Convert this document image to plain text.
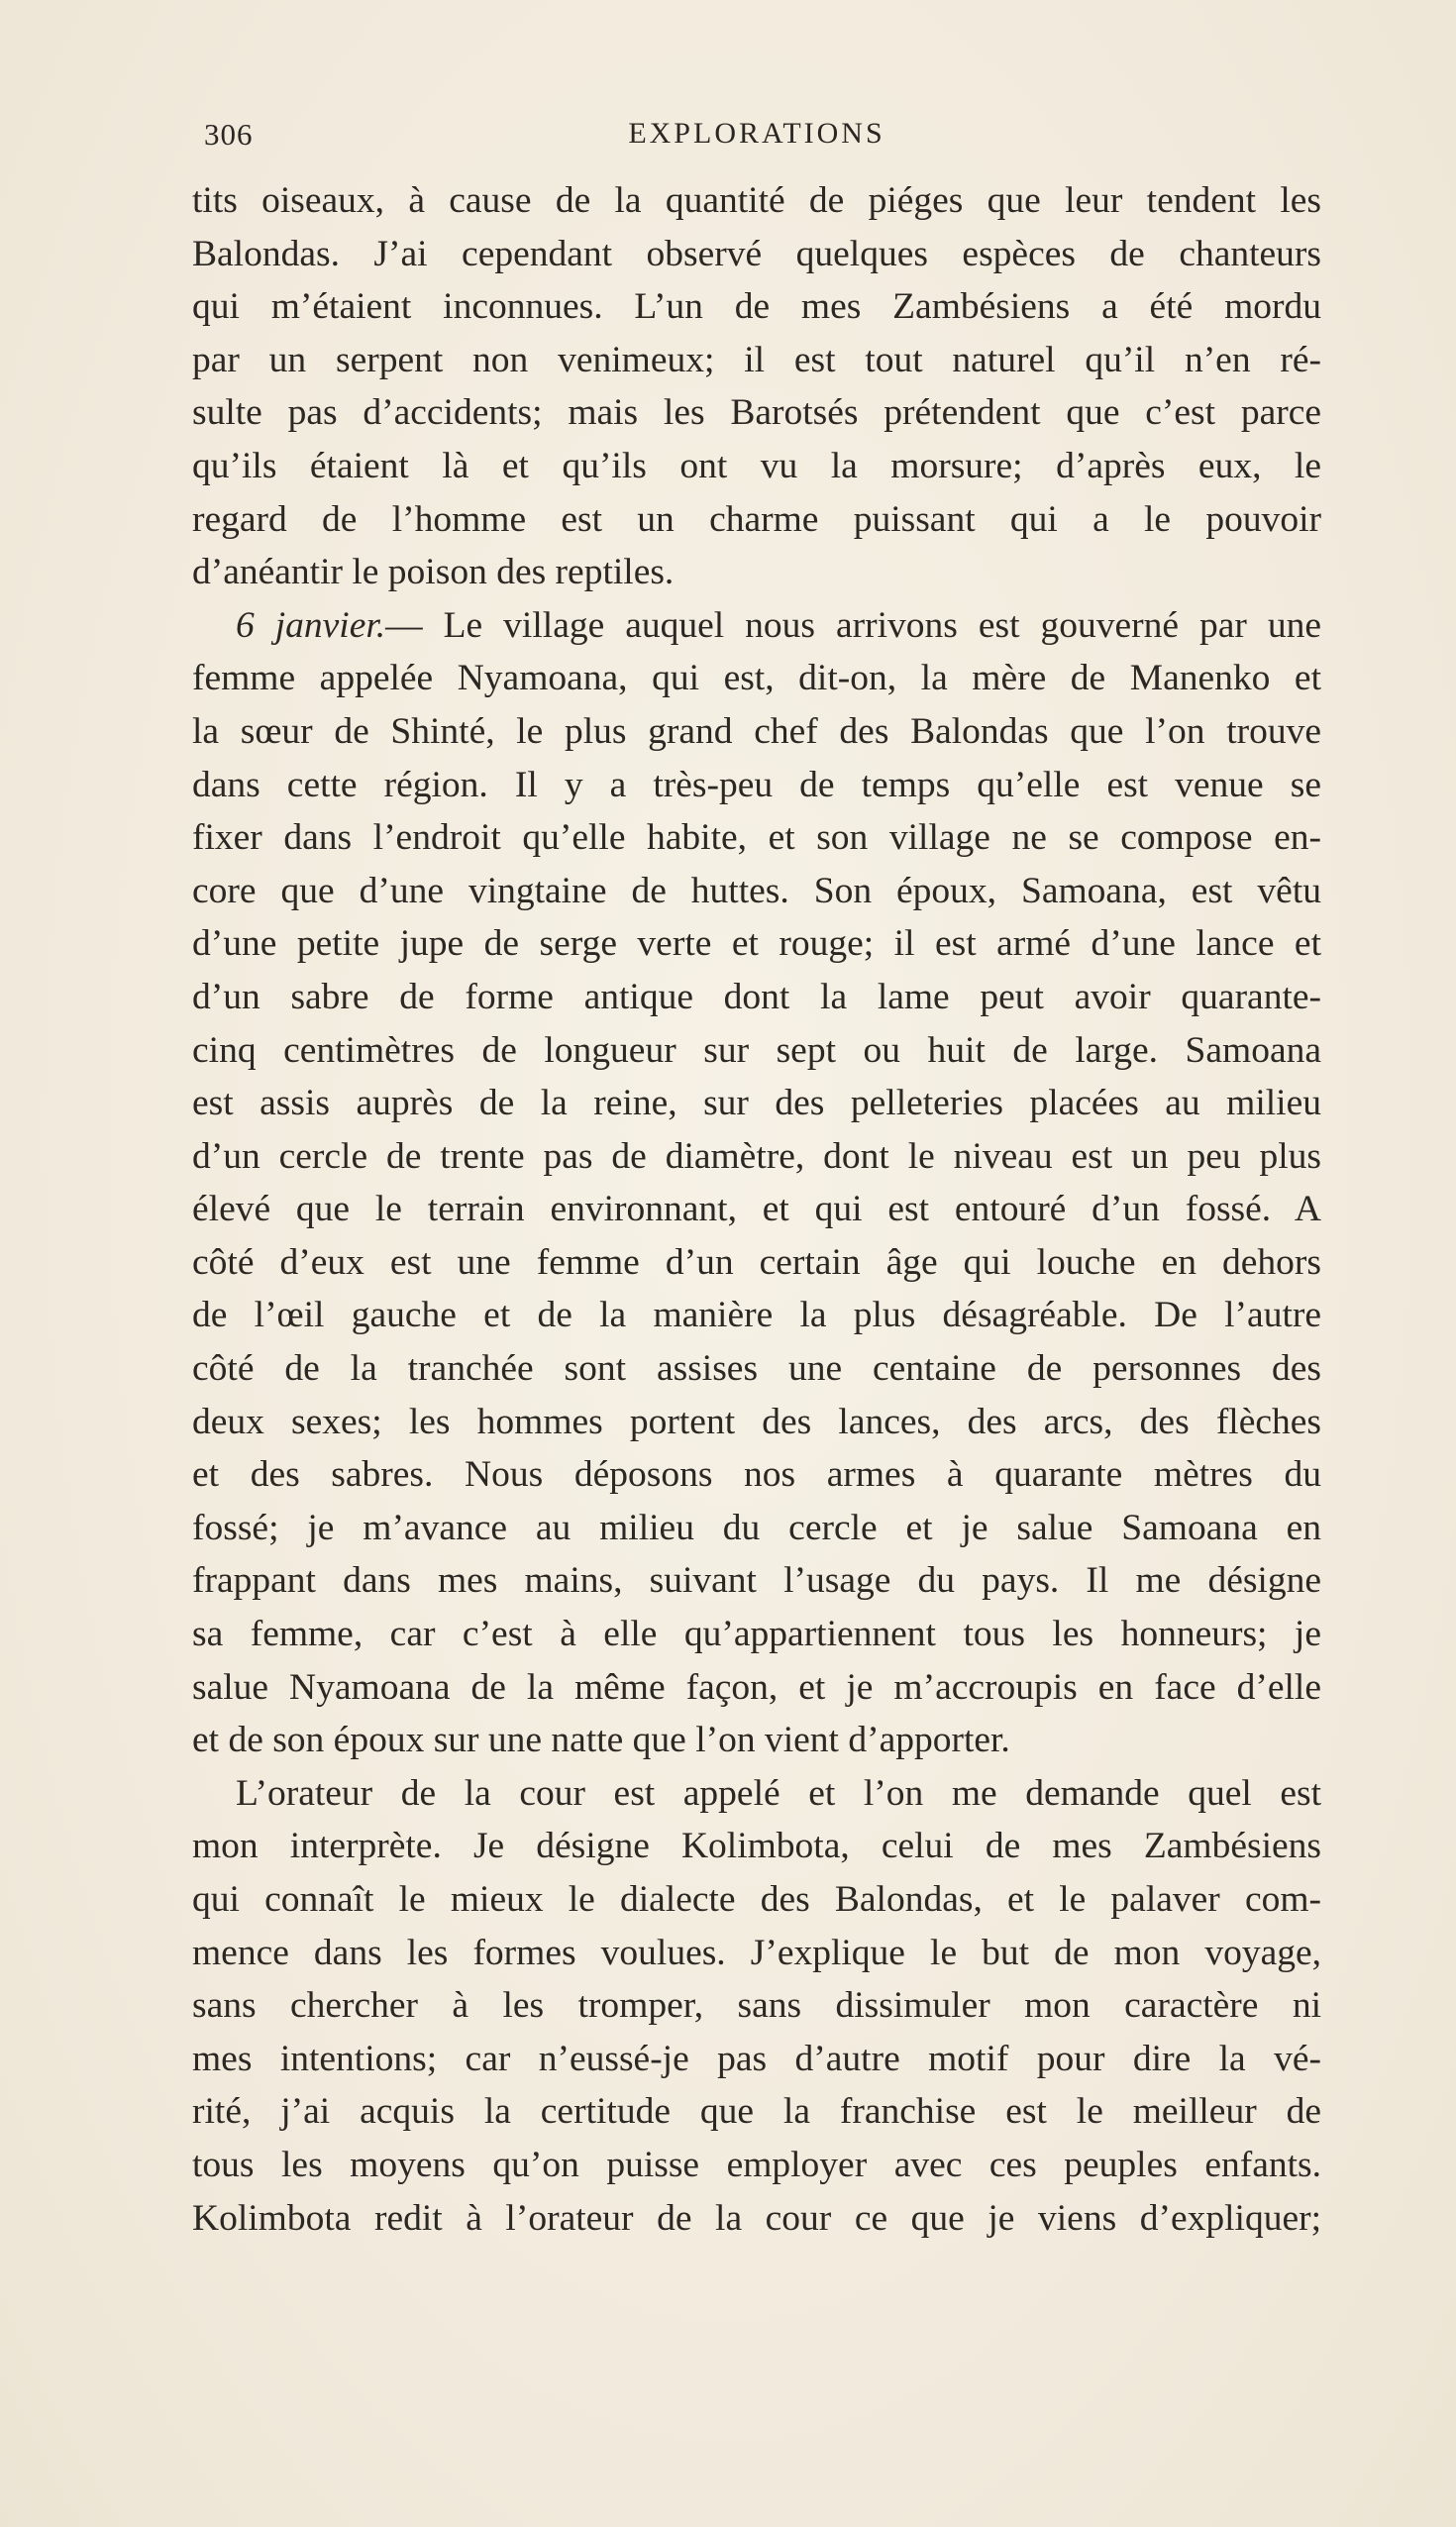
306	EXPLORATIONS
tits oiseaux, à cause de la quantité de piéges que leur tendent les
Balondas. J’ai cependant observé quelques espèces de chanteurs
qui m’étaient inconnues. L’un de mes Zambésiens a été mordu
par un serpent non venimeux; il est tout naturel qu’il n’en ré-
sulte pas d’accidents; mais les Barotsés prétendent que c’est parce
qu’ils étaient là et qu’ils ont vu la morsure; d’après eux, le
regard de l’homme est un charme puissant qui a le pouvoir
d’anéantir le poison des reptiles.
6 janvier.— Le village auquel nous arrivons est gouverné par une
femme appelée Nyamoana, qui est, dit-on, la mère de Manenko et
la sœur de Shinté, le plus grand chef des Balondas que l’on trouve
dans cette région. Il y a très-peu de temps qu’elle est venue se
fixer dans l’endroit qu’elle habite, et son village ne se compose en-
core que d’une vingtaine de huttes. Son époux, Samoana, est vêtu
d’une petite jupe de serge verte et rouge; il est armé d’une lance et
d’un sabre de forme antique dont la lame peut avoir quarante-
cinq centimètres de longueur sur sept ou huit de large. Samoana
est assis auprès de la reine, sur des pelleteries placées au milieu
d’un cercle de trente pas de diamètre, dont le niveau est un peu plus
élevé que le terrain environnant, et qui est entouré d’un fossé. A
côté d’eux est une femme d’un certain âge qui louche en dehors
de l’œil gauche et de la manière la plus désagréable. De l’autre
côté de la tranchée sont assises une centaine de personnes des
deux sexes; les hommes portent des lances, des arcs, des flèches
et des sabres. Nous déposons nos armes à quarante mètres du
fossé; je m’avance au milieu du cercle et je salue Samoana en
frappant dans mes mains, suivant l’usage du pays. Il me désigne
sa femme, car c’est à elle qu’appartiennent tous les honneurs; je
salue Nyamoana de la même façon, et je m’accroupis en face d’elle
et de son époux sur une natte que l’on vient d’apporter.
L’orateur de la cour est appelé et l’on me demande quel est
mon interprète. Je désigne Kolimbota, celui de mes Zambésiens
qui connaît le mieux le dialecte des Balondas, et le palaver com-
mence dans les formes voulues. J’explique le but de mon voyage,
sans chercher à les tromper, sans dissimuler mon caractère ni
mes intentions; car n’eussé-je pas d’autre motif pour dire la vé-
rité, j’ai acquis la certitude que la franchise est le meilleur de
tous les moyens qu’on puisse employer avec ces peuples enfants.
Kolimbota redit à l’orateur de la cour ce que je viens d’expliquer;
